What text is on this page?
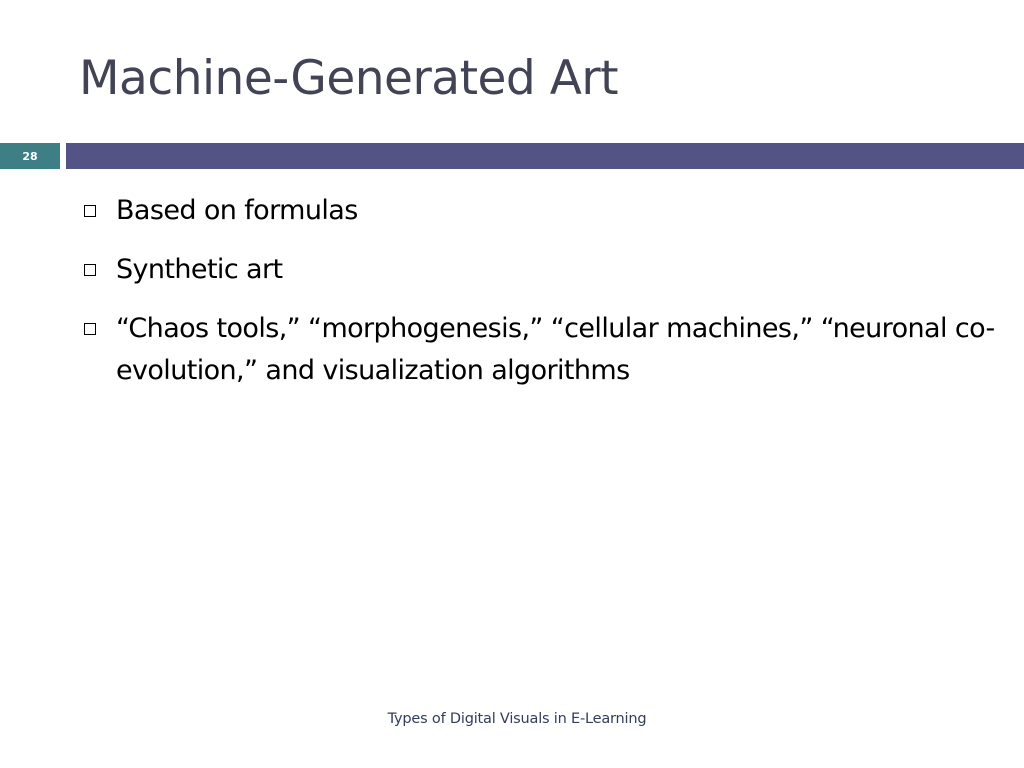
Machine-Generated Art
28
Based on formulas
Synthetic art
“Chaos tools,” “morphogenesis,” “cellular machines,” “neuronal co-evolution,” and visualization algorithms
Types of Digital Visuals in E-Learning
